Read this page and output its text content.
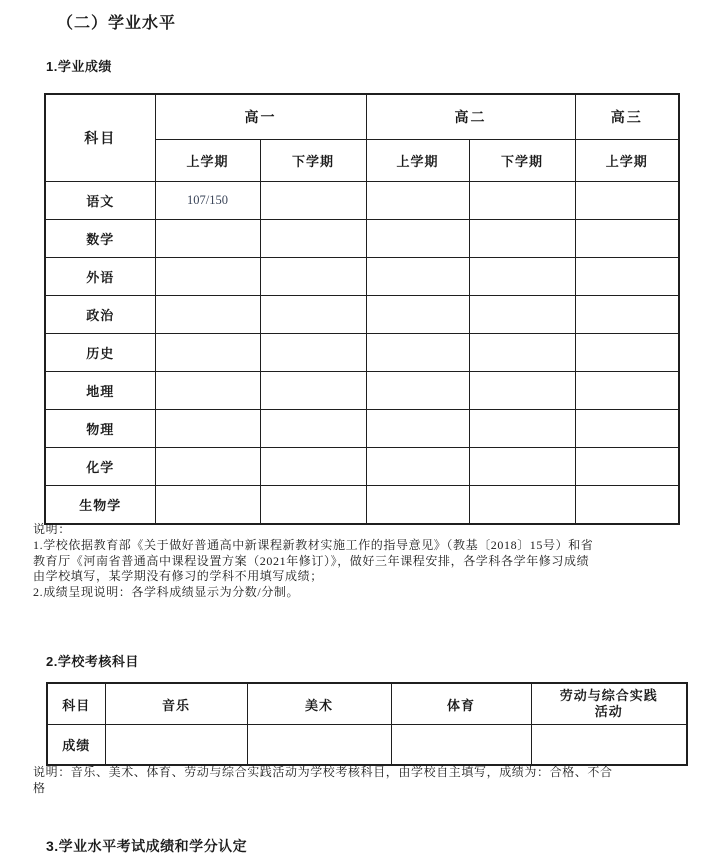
（二）学业水平
1.学业成绩
科目	高一		高二		高三
	上学期	下学期	上学期	下学期	上学期
语文	107/150				
数学					
外语					
政治					
历史					
地理					
物理					
化学					
生物学					
说明：
1.学校依据教育部《关于做好普通高中新课程新教材实施工作的指导意见》（教基〔2018〕15号）和省
教育厅《河南省普通高中课程设置方案（2021年修订）》，做好三年课程安排，各学科各学年修习成绩
由学校填写，某学期没有修习的学科不用填写成绩；
2.成绩呈现说明：各学科成绩显示为分数/分制。
2.学校考核科目
科目	音乐	美术	体育	劳动与综合实践
活动

成绩				
说明：音乐、美术、体育、劳动与综合实践活动为学校考核科目，由学校自主填写，成绩为：合格、不合
格
3.学业水平考试成绩和学分认定
